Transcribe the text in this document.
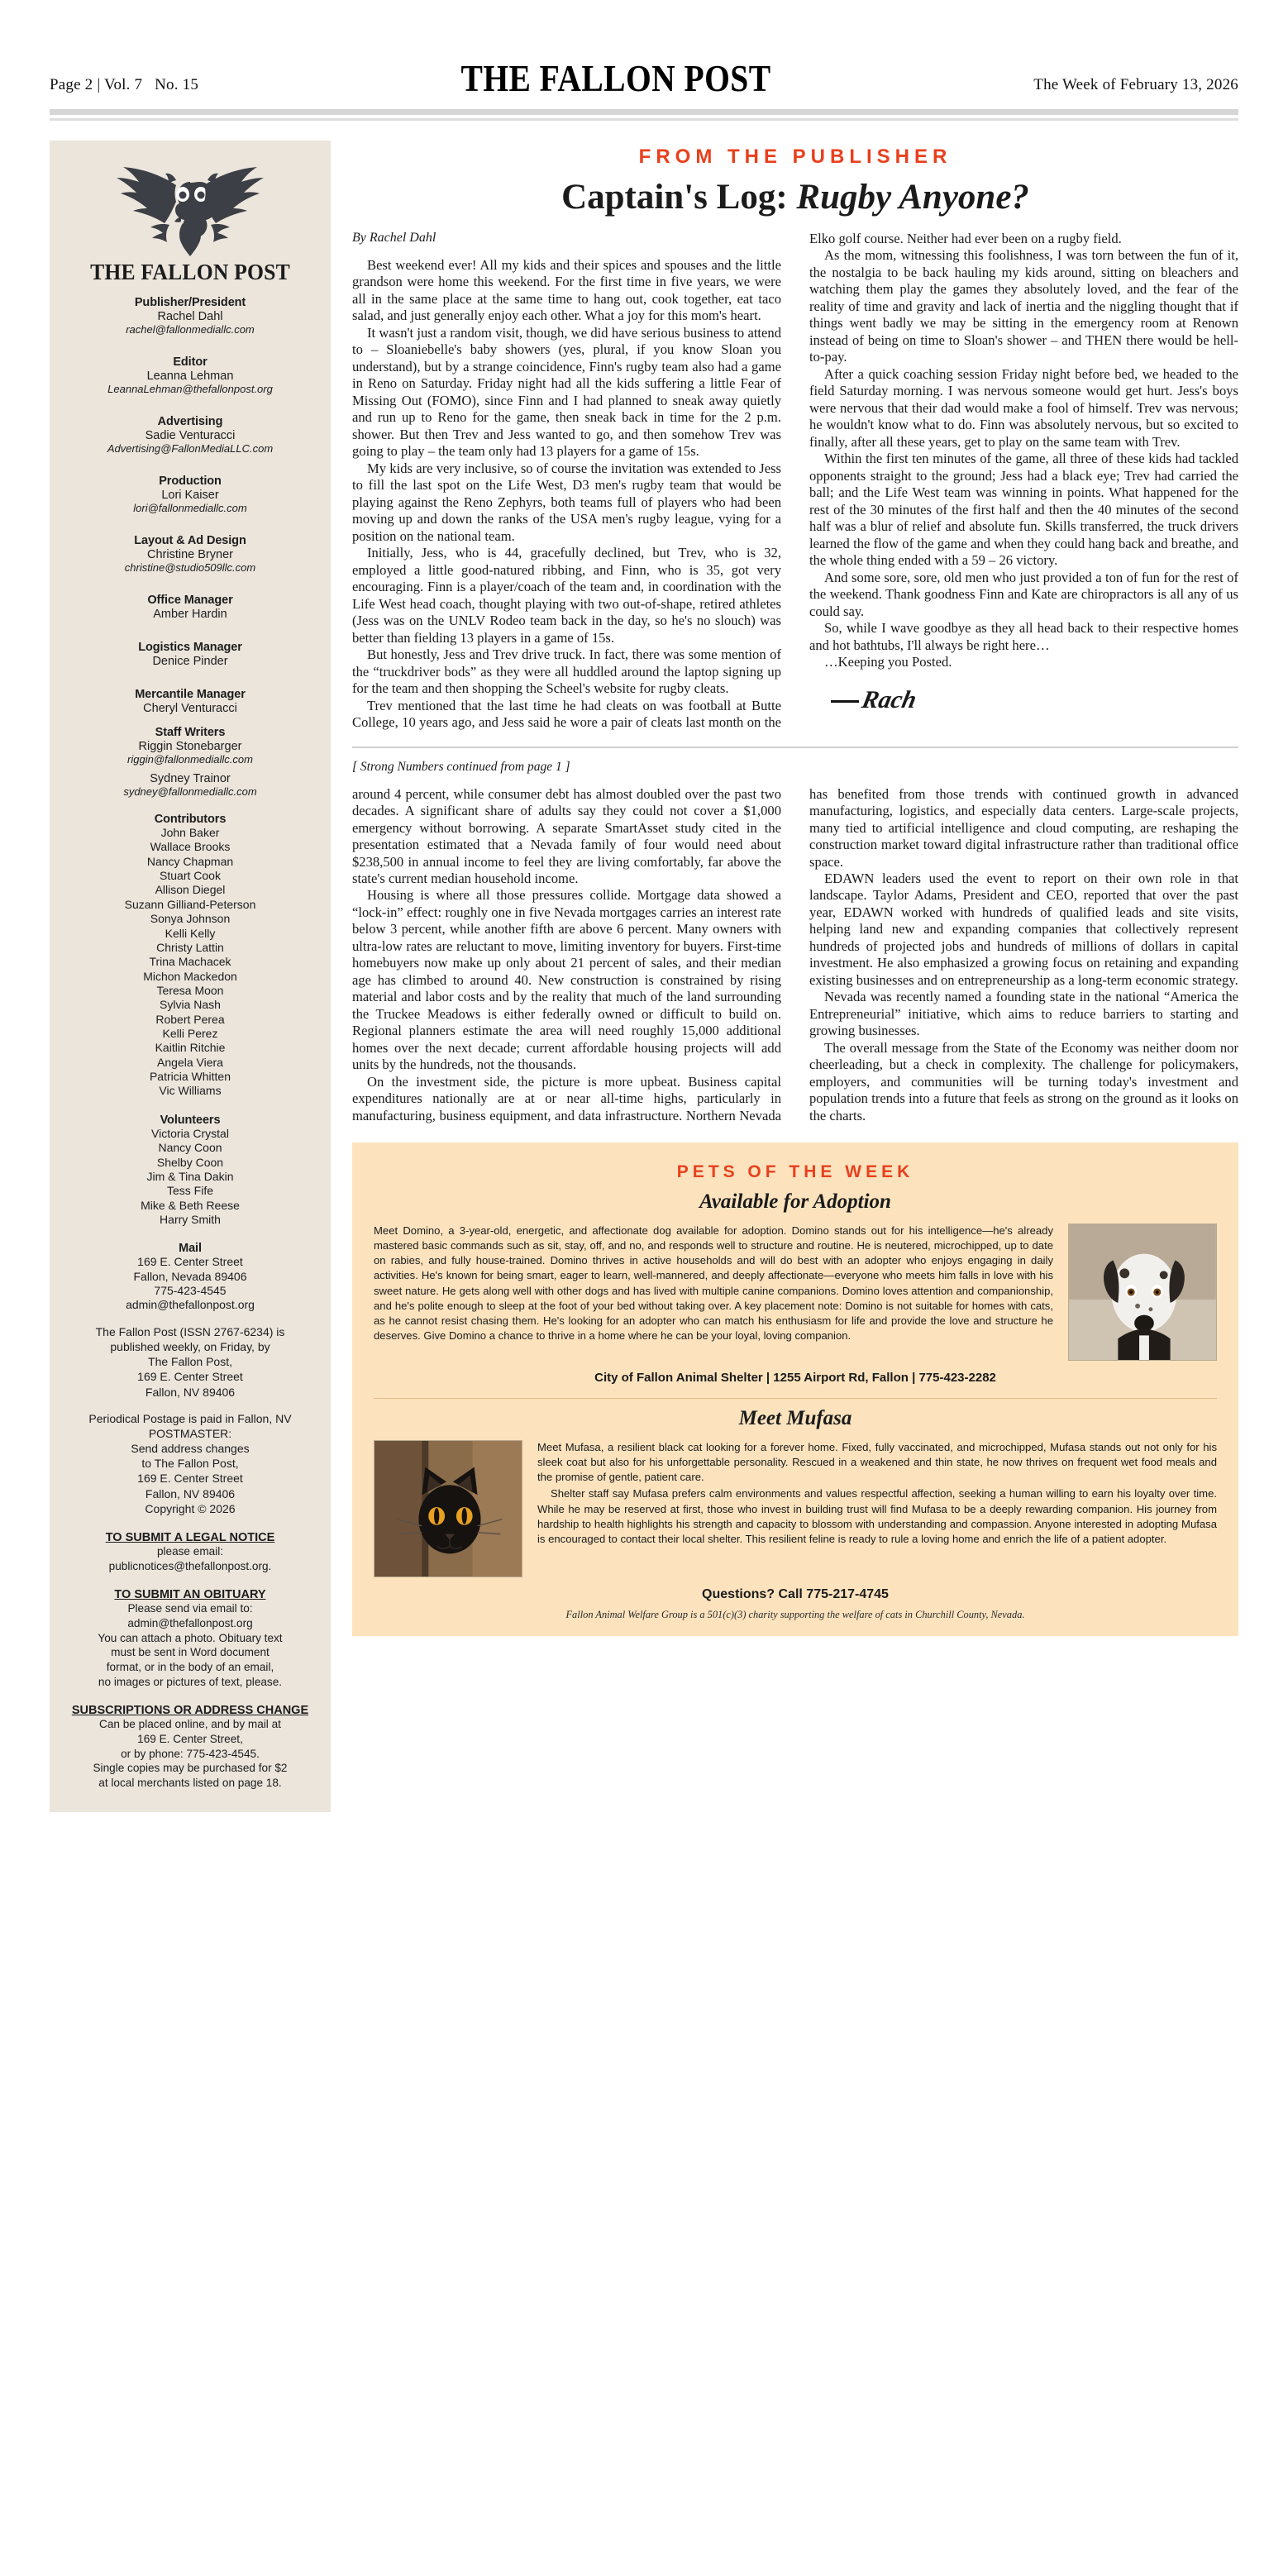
Page 2 | Vol. 7 No. 15	THE FALLON POST	The Week of February 13, 2026
THE FALLON POST
Publisher/President
Rachel Dahl
rachel@fallonmediallc.com
Editor
Leanna Lehman
LeannaLehman@thefallonpost.org
Advertising
Sadie Venturacci
Advertising@FallonMediaLLC.com
Production
Lori Kaiser
lori@fallonmediallc.com
Layout & Ad Design
Christine Bryner
christine@studio509llc.com
Office Manager
Amber Hardin
Logistics Manager
Denice Pinder
Mercantile Manager
Cheryl Venturacci
Staff Writers
Riggin Stonebarger
riggin@fallonmediallc.com
Sydney Trainor
sydney@fallonmediallc.com
Contributors
John Baker
Wallace Brooks
Nancy Chapman
Stuart Cook
Allison Diegel
Suzann Gilliand-Peterson
Sonya Johnson
Kelli Kelly
Christy Lattin
Trina Machacek
Michon Mackedon
Teresa Moon
Sylvia Nash
Robert Perea
Kelli Perez
Kaitlin Ritchie
Angela Viera
Patricia Whitten
Vic Williams
Volunteers
Victoria Crystal
Nancy Coon
Shelby Coon
Jim & Tina Dakin
Tess Fife
Mike & Beth Reese
Harry Smith
Mail
169 E. Center Street
Fallon, Nevada 89406
775-423-4545
admin@thefallonpost.org
The Fallon Post (ISSN 2767-6234) is
published weekly, on Friday, by
The Fallon Post,
169 E. Center Street
Fallon, NV 89406
Periodical Postage is paid in Fallon, NV
POSTMASTER:
Send address changes
to The Fallon Post,
169 E. Center Street
Fallon, NV 89406
Copyright © 2026
TO SUBMIT A LEGAL NOTICE
please email:
publicnotices@thefallonpost.org.
TO SUBMIT AN OBITUARY
Please send via email to:
admin@thefallonpost.org
You can attach a photo. Obituary text
must be sent in Word document
format, or in the body of an email,
no images or pictures of text, please.
SUBSCRIPTIONS OR ADDRESS CHANGE
Can be placed online, and by mail at
169 E. Center Street,
or by phone: 775-423-4545.
Single copies may be purchased for $2
at local merchants listed on page 18.
FROM THE PUBLISHER
Captain's Log: Rugby Anyone?
By Rachel Dahl

Best weekend ever! All my kids and their spices and spouses and the little grandson were home this weekend. For the first time in five years, we were all in the same place at the same time to hang out, cook together, eat taco salad, and just generally enjoy each other. What a joy for this mom's heart.

It wasn't just a random visit, though, we did have serious business to attend to – Sloaniebelle's baby showers (yes, plural, if you know Sloan you understand), but by a strange coincidence, Finn's rugby team also had a game in Reno on Saturday. Friday night had all the kids suffering a little Fear of Missing Out (FOMO), since Finn and I had planned to sneak away quietly and run up to Reno for the game, then sneak back in time for the 2 p.m. shower. But then Trev and Jess wanted to go, and then somehow Trev was going to play – the team only had 13 players for a game of 15s.

My kids are very inclusive, so of course the invitation was extended to Jess to fill the last spot on the Life West, D3 men's rugby team that would be playing against the Reno Zephyrs, both teams full of players who had been moving up and down the ranks of the USA men's rugby league, vying for a position on the national team.

Initially, Jess, who is 44, gracefully declined, but Trev, who is 32, employed a little good-natured ribbing, and Finn, who is 35, got very encouraging. Finn is a player/coach of the team and, in coordination with the Life West head coach, thought playing with two out-of-shape, retired athletes (Jess was on the UNLV Rodeo team back in the day, so he's no slouch) was better than fielding 13 players in a game of 15s.

But honestly, Jess and Trev drive truck. In fact, there was some mention of the “truckdriver bods” as they were all huddled around the laptop signing up for the team and then shopping the Scheel's website for rugby cleats.

Trev mentioned that the last time he had cleats on was football at Butte College, 10 years ago, and Jess said he wore a pair of cleats last month on the Elko golf course. Neither had ever been on a rugby field.

As the mom, witnessing this foolishness, I was torn between the fun of it, the nostalgia to be back hauling my kids around, sitting on bleachers and watching them play the games they absolutely loved, and the fear of the reality of time and gravity and lack of inertia and the niggling thought that if things went badly we may be sitting in the emergency room at Renown instead of being on time to Sloan's shower – and THEN there would be hell-to-pay.

After a quick coaching session Friday night before bed, we headed to the field Saturday morning. I was nervous someone would get hurt. Jess's boys were nervous that their dad would make a fool of himself. Trev was nervous; he wouldn't know what to do. Finn was absolutely nervous, but so excited to finally, after all these years, get to play on the same team with Trev.

Within the first ten minutes of the game, all three of these kids had tackled opponents straight to the ground; Jess had a black eye; Trev had carried the ball; and the Life West team was winning in points. What happened for the rest of the 30 minutes of the first half and then the 40 minutes of the second half was a blur of relief and absolute fun. Skills transferred, the truck drivers learned the flow of the game and when they could hang back and breathe, and the whole thing ended with a 59 – 26 victory.

And some sore, sore, old men who just provided a ton of fun for the rest of the weekend. Thank goodness Finn and Kate are chiropractors is all any of us could say.

So, while I wave goodbye as they all head back to their respective homes and hot bathtubs, I'll always be right here…

…Keeping you Posted.

Rach
[ Strong Numbers continued from page 1 ]

around 4 percent, while consumer debt has almost doubled over the past two decades. A significant share of adults say they could not cover a $1,000 emergency without borrowing. A separate SmartAsset study cited in the presentation estimated that a Nevada family of four would need about $238,500 in annual income to feel they are living comfortably, far above the state's current median household income.

Housing is where all those pressures collide. Mortgage data showed a “lock-in” effect: roughly one in five Nevada mortgages carries an interest rate below 3 percent, while another fifth are above 6 percent. Many owners with ultra-low rates are reluctant to move, limiting inventory for buyers. First-time homebuyers now make up only about 21 percent of sales, and their median age has climbed to around 40. New construction is constrained by rising material and labor costs and by the reality that much of the land surrounding the Truckee Meadows is either federally owned or difficult to build on. Regional planners estimate the area will need roughly 15,000 additional homes over the next decade; current affordable housing projects will add units by the hundreds, not the thousands.

On the investment side, the picture is more upbeat. Business capital expenditures nationally are at or near all-time highs, particularly in manufacturing, business equipment, and data infrastructure. Northern Nevada has benefited from those trends with continued growth in advanced manufacturing, logistics, and especially data centers. Large-scale projects, many tied to artificial intelligence and cloud computing, are reshaping the construction market toward digital infrastructure rather than traditional office space.

EDAWN leaders used the event to report on their own role in that landscape. Taylor Adams, President and CEO, reported that over the past year, EDAWN worked with hundreds of qualified leads and site visits, helping land new and expanding companies that collectively represent hundreds of projected jobs and hundreds of millions of dollars in capital investment. He also emphasized a growing focus on retaining and expanding existing businesses and on entrepreneurship as a long-term economic strategy.

Nevada was recently named a founding state in the national “America the Entrepreneurial” initiative, which aims to reduce barriers to starting and growing businesses.

The overall message from the State of the Economy was neither doom nor cheerleading, but a check in complexity. The challenge for policymakers, employers, and communities will be turning today's investment and population trends into a future that feels as strong on the ground as it looks on the charts.

PETS OF THE WEEK
Available for Adoption
Meet Domino, a 3-year-old, energetic, and affectionate dog available for adoption. Domino stands out for his intelligence—he's already mastered basic commands such as sit, stay, off, and no, and responds well to structure and routine. He is neutered, microchipped, up to date on rabies, and fully house-trained. Domino thrives in active households and will do best with an adopter who enjoys engaging in daily activities. He's known for being smart, eager to learn, well-mannered, and deeply affectionate—everyone who meets him falls in love with his sweet nature. He gets along well with other dogs and has lived with multiple canine companions. Domino loves attention and companionship, and he's polite enough to sleep at the foot of your bed without taking over. A key placement note: Domino is not suitable for homes with cats, as he cannot resist chasing them. He's looking for an adopter who can match his enthusiasm for life and provide the love and structure he deserves. Give Domino a chance to thrive in a home where he can be your loyal, loving companion.
City of Fallon Animal Shelter | 1255 Airport Rd, Fallon | 775-423-2282
Meet Mufasa
Meet Mufasa, a resilient black cat looking for a forever home. Fixed, fully vaccinated, and microchipped, Mufasa stands out not only for his sleek coat but also for his unforgettable personality. Rescued in a weakened and thin state, he now thrives on frequent wet food meals and the promise of gentle, patient care.
Shelter staff say Mufasa prefers calm environments and values respectful affection, seeking a human willing to earn his loyalty over time. While he may be reserved at first, those who invest in building trust will find Mufasa to be a deeply rewarding companion. His journey from hardship to health highlights his strength and capacity to blossom with understanding and compassion. Anyone interested in adopting Mufasa is encouraged to contact their local shelter. This resilient feline is ready to rule a loving home and enrich the life of a patient adopter.
Questions? Call 775-217-4745
Fallon Animal Welfare Group is a 501(c)(3) charity supporting the welfare of cats in Churchill County, Nevada.
